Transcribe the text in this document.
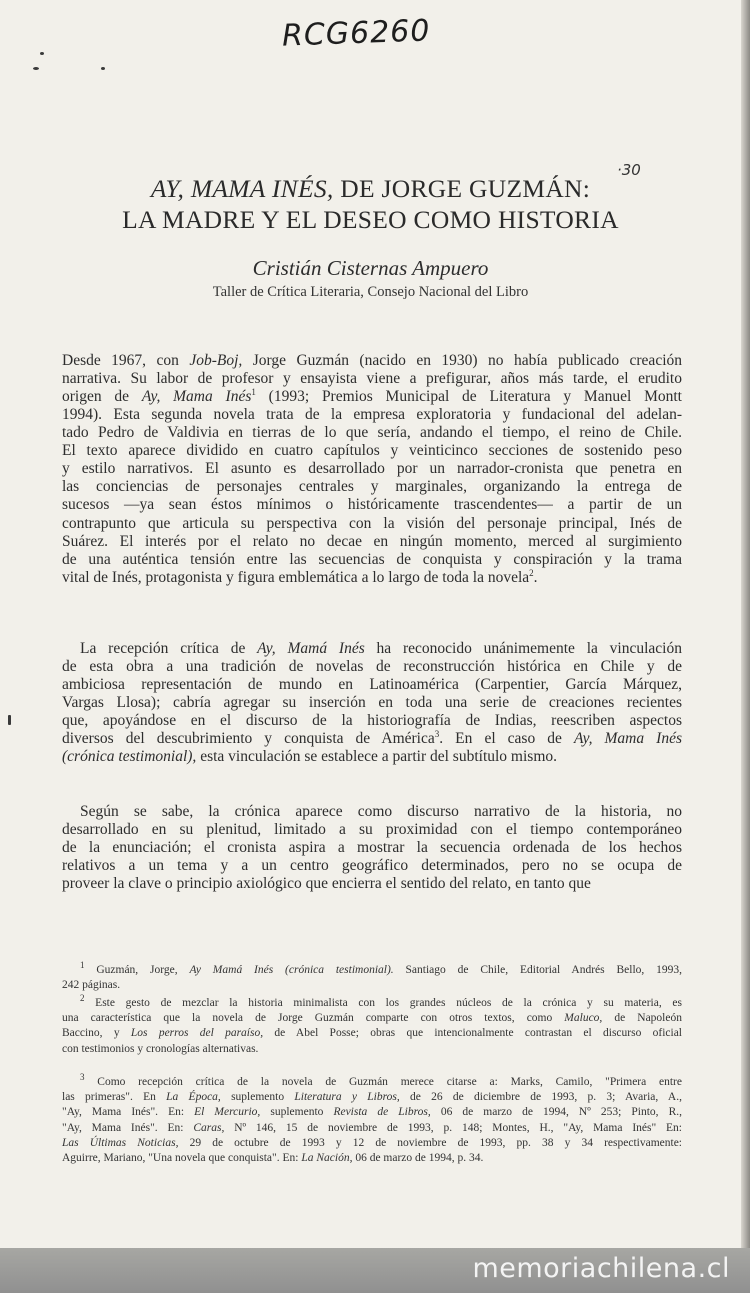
RCG6260
·30
AY, MAMA INÉS, DE JORGE GUZMÁN:
LA MADRE Y EL DESEO COMO HISTORIA
Cristián Cisternas Ampuero
Taller de Crítica Literaria, Consejo Nacional del Libro
Desde 1967, con Job-Boj, Jorge Guzmán (nacido en 1930) no había publicado creación
narrativa. Su labor de profesor y ensayista viene a prefigurar, años más tarde, el erudito
origen de Ay, Mama Inés$^1$ (1993; Premios Municipal de Literatura y Manuel Montt
1994). Esta segunda novela trata de la empresa exploratoria y fundacional del adelan-
tado Pedro de Valdivia en tierras de lo que sería, andando el tiempo, el reino de Chile.
El texto aparece dividido en cuatro capítulos y veinticinco secciones de sostenido peso
y estilo narrativos. El asunto es desarrollado por un narrador-cronista que penetra en
las conciencias de personajes centrales y marginales, organizando la entrega de
sucesos —ya sean éstos mínimos o históricamente trascendentes— a partir de un
contrapunto que articula su perspectiva con la visión del personaje principal, Inés de
Suárez. El interés por el relato no decae en ningún momento, merced al surgimiento
de una auténtica tensión entre las secuencias de conquista y conspiración y la trama
vital de Inés, protagonista y figura emblemática a lo largo de toda la novela$^2$.
La recepción crítica de Ay, Mamá Inés ha reconocido unánimemente la vinculación
de esta obra a una tradición de novelas de reconstrucción histórica en Chile y de
ambiciosa representación de mundo en Latinoamérica (Carpentier, García Márquez,
Vargas Llosa); cabría agregar su inserción en toda una serie de creaciones recientes
que, apoyándose en el discurso de la historiografía de Indias, reescriben aspectos
diversos del descubrimiento y conquista de América$^3$. En el caso de Ay, Mama Inés
(crónica testimonial), esta vinculación se establece a partir del subtítulo mismo.
Según se sabe, la crónica aparece como discurso narrativo de la historia, no
desarrollado en su plenitud, limitado a su proximidad con el tiempo contemporáneo
de la enunciación; el cronista aspira a mostrar la secuencia ordenada de los hechos
relativos a un tema y a un centro geográfico determinados, pero no se ocupa de
proveer la clave o principio axiológico que encierra el sentido del relato, en tanto que
$^1$ Guzmán, Jorge, Ay Mamá Inés (crónica testimonial). Santiago de Chile, Editorial Andrés Bello, 1993,
242 páginas.
$^2$ Este gesto de mezclar la historia minimalista con los grandes núcleos de la crónica y su materia, es
una característica que la novela de Jorge Guzmán comparte con otros textos, como Maluco, de Napoleón
Baccino, y Los perros del paraíso, de Abel Posse; obras que intencionalmente contrastan el discurso oficial
con testimonios y cronologías alternativas.
$^3$ Como recepción crítica de la novela de Guzmán merece citarse a: Marks, Camilo, "Primera entre
las primeras". En La Época, suplemento Literatura y Libros, de 26 de diciembre de 1993, p. 3; Avaria, A.,
"Ay, Mama Inés". En: El Mercurio, suplemento Revista de Libros, 06 de marzo de 1994, Nº 253; Pinto, R.,
"Ay, Mama Inés". En: Caras, Nº 146, 15 de noviembre de 1993, p. 148; Montes, H., "Ay, Mama Inés" En:
Las Últimas Noticias, 29 de octubre de 1993 y 12 de noviembre de 1993, pp. 38 y 34 respectivamente:
Aguirre, Mariano, "Una novela que conquista". En: La Nación, 06 de marzo de 1994, p. 34.
memoriachilena.cl
